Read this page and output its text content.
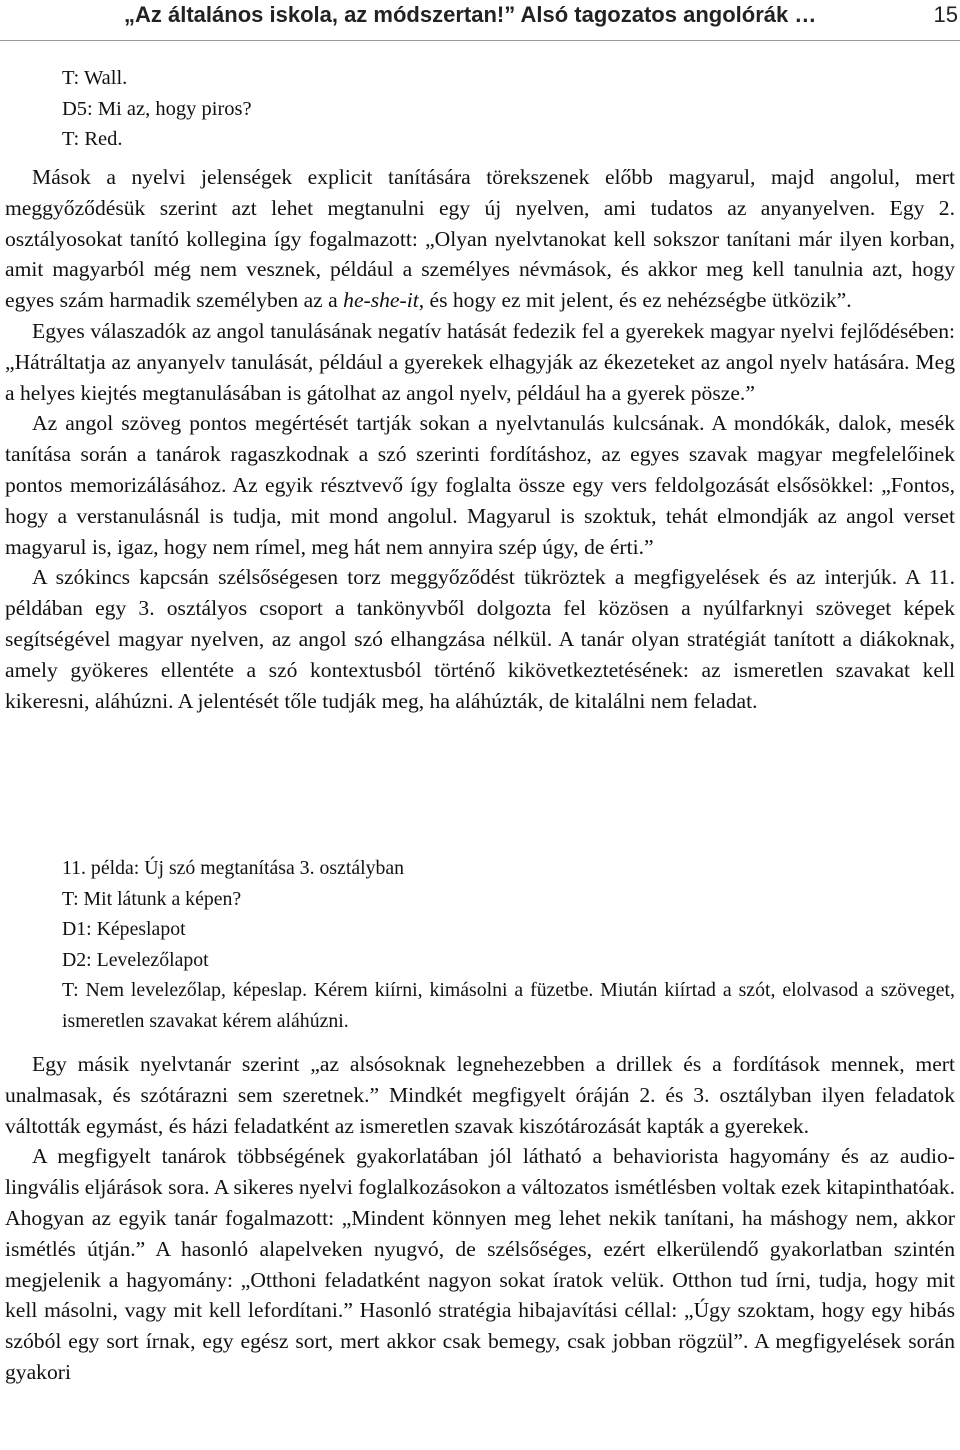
„Az általános iskola, az módszertan!” Alsó tagozatos angolórák …	15
T: Wall.
D5: Mi az, hogy piros?
T: Red.

Mások a nyelvi jelenségek explicit tanítására törekszenek előbb magyarul, majd angolul, mert meggyőződésük szerint azt lehet megtanulni egy új nyelven, ami tudatos az anyanyelven. Egy 2. osztályosokat tanító kollegina így fogalmazott: „Olyan nyelvtanokat kell sokszor tanítani már ilyen korban, amit magyarból még nem vesznek, például a személyes névmások, és akkor meg kell tanulnia azt, hogy egyes szám harmadik személyben az a he-she-it, és hogy ez mit jelent, és ez nehézségbe ütközik”.

Egyes válaszadók az angol tanulásának negatív hatását fedezik fel a gyerekek magyar nyelvi fejlődésében: „Hátráltatja az anyanyelv tanulását, például a gyerekek elhagyják az ékezeteket az angol nyelv hatására. Meg a helyes kiejtés megtanulásában is gátolhat az angol nyelv, például ha a gyerek pösze.”

Az angol szöveg pontos megértését tartják sokan a nyelvtanulás kulcsának. A mondókák, dalok, mesék tanítása során a tanárok ragaszkodnak a szó szerinti fordításhoz, az egyes szavak magyar megfelelőinek pontos memorizálásához. Az egyik résztvevő így foglalta össze egy vers feldolgozását elsősökkel: „Fontos, hogy a verstanulásnál is tudja, mit mond angolul. Magyarul is szoktuk, tehát elmondják az angol verset magyarul is, igaz, hogy nem rímel, meg hát nem annyira szép úgy, de érti.”

A szókincs kapcsán szélsőségesen torz meggyőződést tükröztek a megfigyelések és az interjúk. A 11. példában egy 3. osztályos csoport a tankönyvből dolgozta fel közösen a nyúlfarknyi szöveget képek segítségével magyar nyelven, az angol szó elhangzása nélkül. A tanár olyan stratégiát tanított a diákoknak, amely gyökeres ellentéte a szó kontextusból történő kikövetkeztetésének: az ismeretlen szavakat kell kikeresni, aláhúzni. A jelentését tőle tudják meg, ha aláhúzták, de kitalálni nem feladat.

11. példa: Új szó megtanítása 3. osztályban
T: Mit látunk a képen?
D1: Képeslapot
D2: Levelezőlapot
T: Nem levelezőlap, képeslap. Kérem kiírni, kimásolni a füzetbe. Miután kiírtad a szót, elolvasod a szöveget, ismeretlen szavakat kérem aláhúzni.

Egy másik nyelvtanár szerint „az alsósoknak legnehezebben a drillek és a fordítások mennek, mert unalmasak, és szótárazni sem szeretnek.” Mindkét megfigyelt óráján 2. és 3. osztályban ilyen feladatok váltották egymást, és házi feladatként az ismeretlen szavak kiszótározását kapták a gyerekek.

A megfigyelt tanárok többségének gyakorlatában jól látható a behaviorista hagyomány és az audio-lingvális eljárások sora. A sikeres nyelvi foglalkozásokon a változatos ismétlésben voltak ezek kitapinthatóak. Ahogyan az egyik tanár fogalmazott: „Mindent könnyen meg lehet nekik tanítani, ha máshogy nem, akkor ismétlés útján.” A hasonló alapelveken nyugvó, de szélsőséges, ezért elkerülendő gyakorlatban szintén megjelenik a hagyomány: „Otthoni feladatként nagyon sokat íratok velük. Otthon tud írni, tudja, hogy mit kell másolni, vagy mit kell lefordítani.” Hasonló stratégia hibajavítási céllal: „Úgy szoktam, hogy egy hibás szóból egy sort írnak, egy egész sort, mert akkor csak bemegy, csak jobban rögzül”. A megfigyelések során gyakori
